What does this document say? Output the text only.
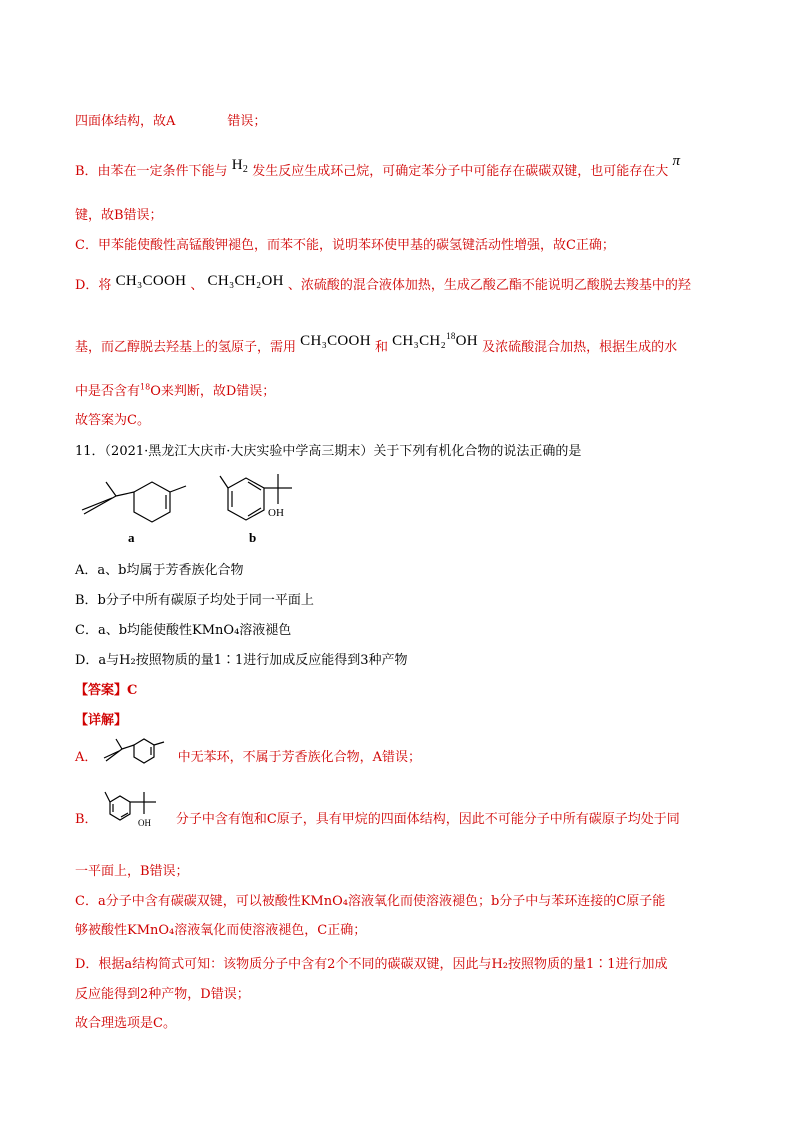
四面体结构，故A	错误；
B．由苯在一定条件下能与 $H_2$ 发生反应生成环己烷，可确定苯分子中可能存在碳碳双键，也可能存在大 π
键，故B错误；
C．甲苯能使酸性高锰酸钾褪色，而苯不能，说明苯环使甲基的碳氢键活动性增强，故C正确；
D．将 CH₃COOH 、 CH₃CH₂OH 、浓硫酸的混合液体加热，生成乙酸乙酯不能说明乙酸脱去羧基中的羟
基，而乙醇脱去羟基上的氢原子，需用 CH₃COOH 和 CH₃CH₂$^{18}$OH 及浓硫酸混合加热，根据生成的水
中是否含有$^{18}$O来判断，故D错误；
故答案为C。
11．（2021·黑龙江大庆市·大庆实验中学高三期末）关于下列有机化合物的说法正确的是
OH
a	b
A．a、b均属于芳香族化合物
B．b分子中所有碳原子均处于同一平面上
C．a、b均能使酸性KMnO₄溶液褪色
D．a与H₂按照物质的量1∶1进行加成反应能得到3种产物
【答案】C
【详解】
A．	中无苯环，不属于芳香族化合物，A错误；
B．	分子中含有饱和C原子，具有甲烷的四面体结构，因此不可能分子中所有碳原子均处于同
OH
一平面上，B错误；
C．a分子中含有碳碳双键，可以被酸性KMnO₄溶液氧化而使溶液褪色；b分子中与苯环连接的C原子能
够被酸性KMnO₄溶液氧化而使溶液褪色，C正确；
D．根据a结构简式可知：该物质分子中含有2个不同的碳碳双键，因此与H₂按照物质的量1∶1进行加成
反应能得到2种产物，D错误；
故合理选项是C。
